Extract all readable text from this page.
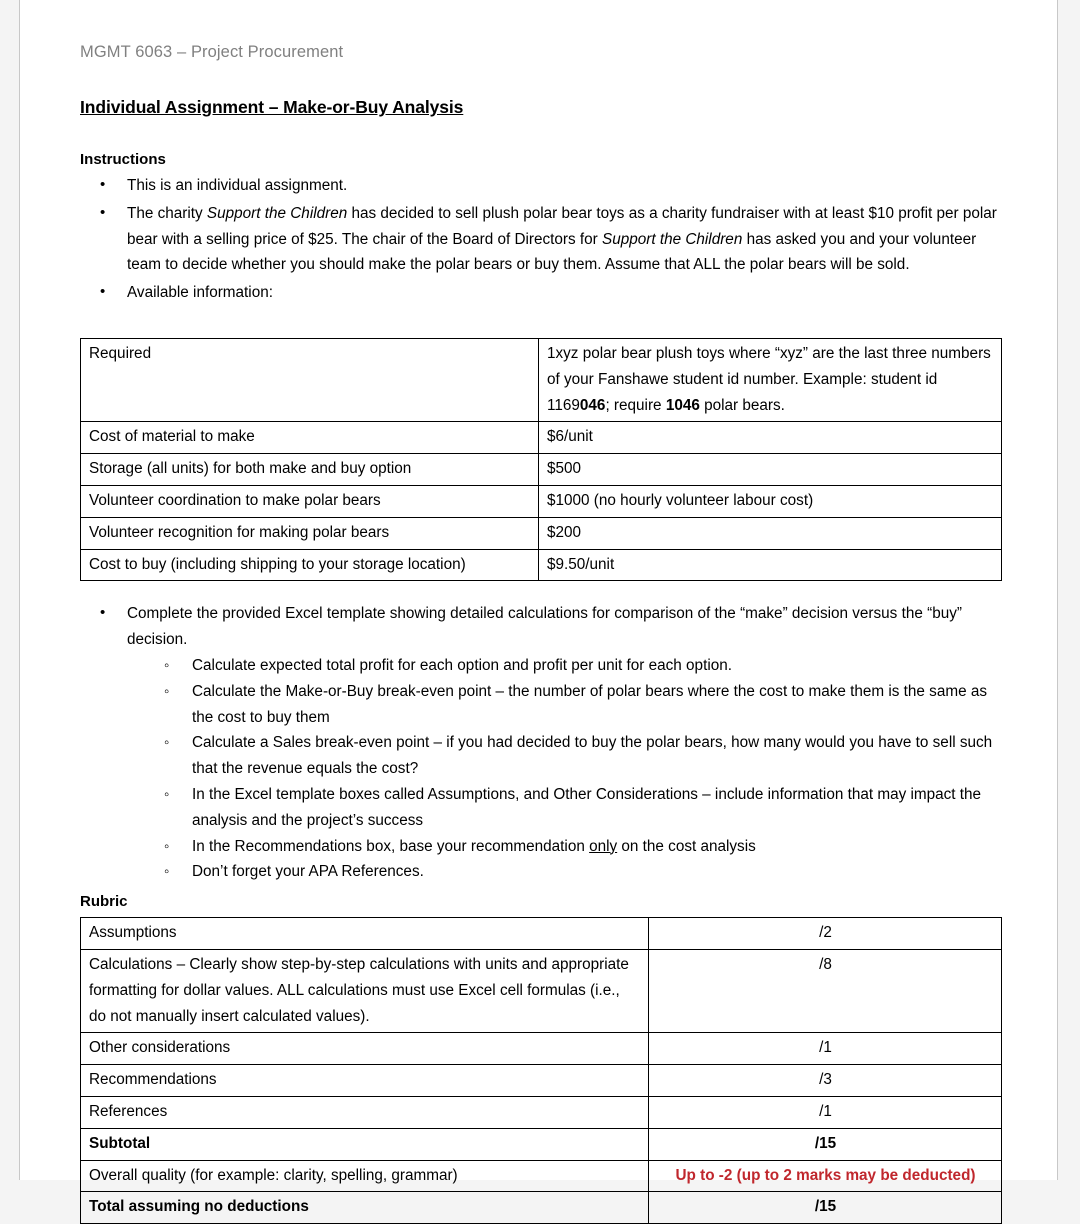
MGMT 6063 – Project Procurement
Individual Assignment – Make-or-Buy Analysis
Instructions
• This is an individual assignment.
• The charity Support the Children has decided to sell plush polar bear toys as a charity fundraiser with at least $10 profit per polar bear with a selling price of $25. The chair of the Board of Directors for Support the Children has asked you and your volunteer team to decide whether you should make the polar bears or buy them. Assume that ALL the polar bears will be sold.
• Available information:
Required	1xyz polar bear plush toys where “xyz” are the last three numbers of your Fanshawe student id number. Example: student id 1169046; require 1046 polar bears.
Cost of material to make	$6/unit
Storage (all units) for both make and buy option	$500
Volunteer coordination to make polar bears	$1000 (no hourly volunteer labour cost)
Volunteer recognition for making polar bears	$200
Cost to buy (including shipping to your storage location)	$9.50/unit
• Complete the provided Excel template showing detailed calculations for comparison of the “make” decision versus the “buy” decision.
◦ Calculate expected total profit for each option and profit per unit for each option.
◦ Calculate the Make-or-Buy break-even point – the number of polar bears where the cost to make them is the same as the cost to buy them
◦ Calculate a Sales break-even point – if you had decided to buy the polar bears, how many would you have to sell such that the revenue equals the cost?
◦ In the Excel template boxes called Assumptions, and Other Considerations – include information that may impact the analysis and the project’s success
◦ In the Recommendations box, base your recommendation only on the cost analysis
◦ Don’t forget your APA References.
Rubric
Assumptions	/2
Calculations – Clearly show step-by-step calculations with units and appropriate formatting for dollar values. ALL calculations must use Excel cell formulas (i.e., do not manually insert calculated values).	/8
Other considerations	/1
Recommendations	/3
References	/1
Subtotal	/15
Overall quality (for example: clarity, spelling, grammar)	Up to -2 (up to 2 marks may be deducted)
Total assuming no deductions	/15
